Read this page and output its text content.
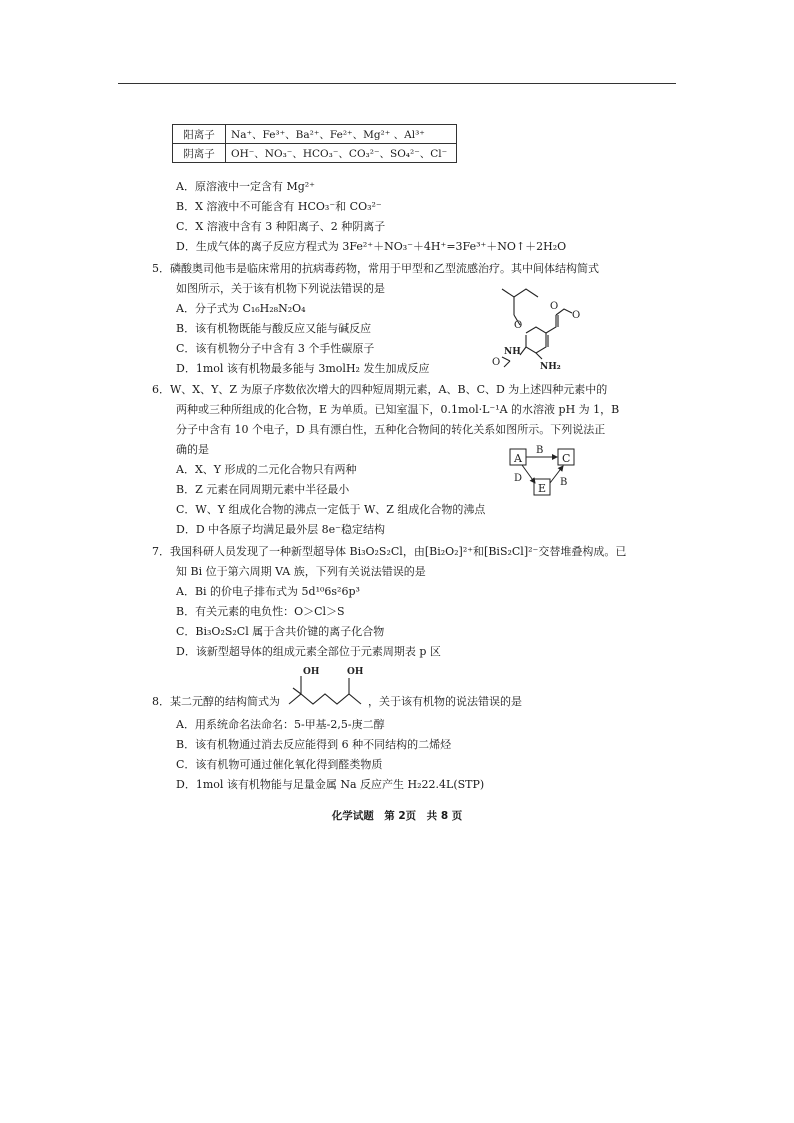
阳离子	Na⁺、Fe³⁺、Ba²⁺、Fe²⁺、Mg²⁺ 、Al³⁺
阴离子	OH⁻、NO₃⁻、HCO₃⁻、CO₃²⁻、SO₄²⁻、Cl⁻
A．原溶液中一定含有 Mg²⁺
B．X 溶液中不可能含有 HCO₃⁻和 CO₃²⁻
C．X 溶液中含有 3 种阳离子、2 种阴离子
D．生成气体的离子反应方程式为 3Fe²⁺＋NO₃⁻＋4H⁺=3Fe³⁺＋NO↑＋2H₂O
5．磷酸奥司他韦是临床常用的抗病毒药物，常用于甲型和乙型流感治疗。其中间体结构简式
如图所示，关于该有机物下列说法错误的是
A．分子式为 C₁₆H₂₈N₂O₄
B．该有机物既能与酸反应又能与碱反应
C．该有机物分子中含有 3 个手性碳原子
D．1mol 该有机物最多能与 3molH₂ 发生加成反应
O
O
O
NH
NH₂
O
6．W、X、Y、Z 为原子序数依次增大的四种短周期元素，A、B、C、D 为上述四种元素中的
两种或三种所组成的化合物，E 为单质。已知室温下，0.1mol·L⁻¹A 的水溶液 pH 为 1，B
分子中含有 10 个电子，D 具有漂白性，五种化合物间的转化关系如图所示。下列说法正
确的是
A．X、Y 形成的二元化合物只有两种
B．Z 元素在同周期元素中半径最小
C．W、Y 组成化合物的沸点一定低于 W、Z 组成化合物的沸点
D．D 中各原子均满足最外层 8e⁻稳定结构
A	C
E
B
D	B
7．我国科研人员发现了一种新型超导体 Bi₃O₂S₂Cl，由[Bi₂O₂]²⁺和[BiS₂Cl]²⁻交替堆叠构成。已
知 Bi 位于第六周期 VA 族，下列有关说法错误的是
A．Bi 的价电子排布式为 5d¹⁰6s²6p³
B．有关元素的电负性：O＞Cl＞S
C．Bi₃O₂S₂Cl 属于含共价键的离子化合物
D．该新型超导体的组成元素全部位于元素周期表 p 区
8．某二元醇的结构简式为
OH	OH
，关于该有机物的说法错误的是
A．用系统命名法命名：5-甲基-2,5-庚二醇
B．该有机物通过消去反应能得到 6 种不同结构的二烯烃
C．该有机物可通过催化氧化得到醛类物质
D．1mol 该有机物能与足量金属 Na 反应产生 H₂22.4L(STP)
化学试题　第 2页　共 8 页
